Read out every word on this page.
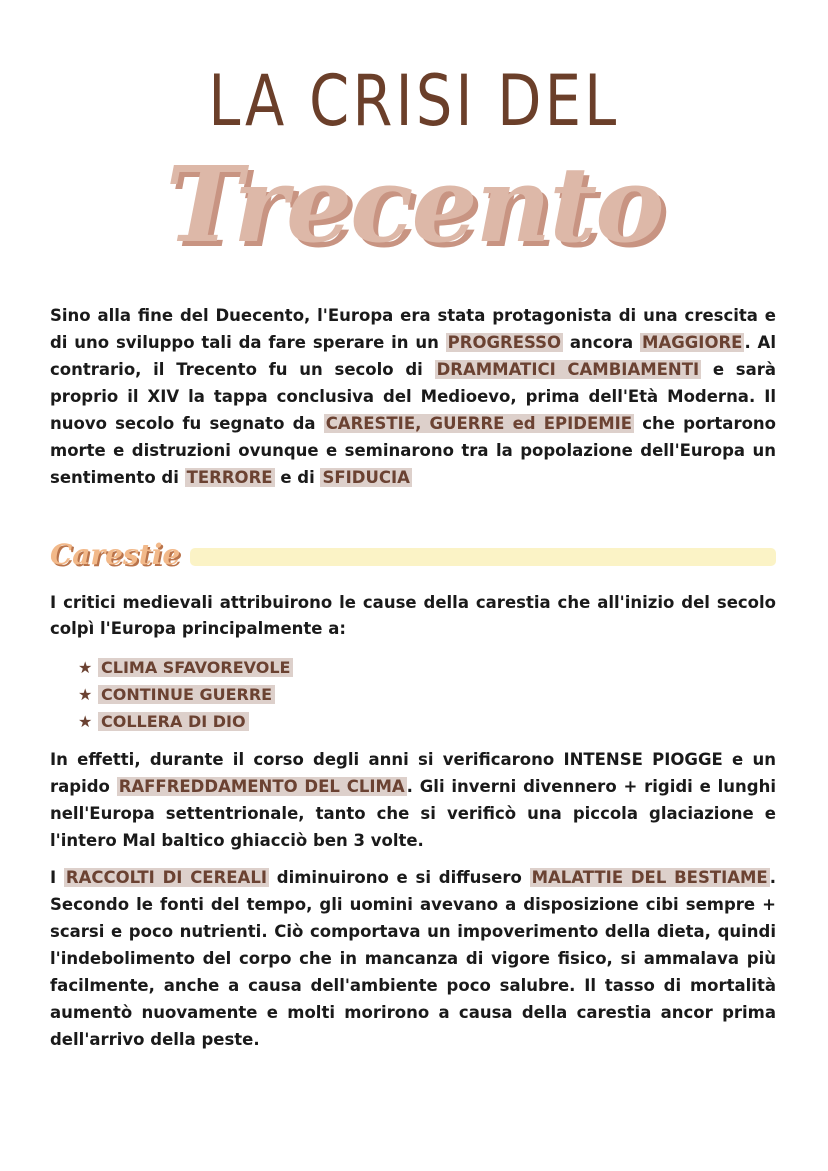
LA CRISI DEL
Trecento

Sino alla fine del Duecento, l'Europa era stata protagonista di una crescita e di uno sviluppo tali da fare sperare in un PROGRESSO ancora MAGGIORE . Al contrario, il Trecento fu un secolo di DRAMMATICI CAMBIAMENTI e sarà proprio il XIV la tappa conclusiva del Medioevo, prima dell'Età Moderna. Il nuovo secolo fu segnato da CARESTIE, GUERRE ed EPIDEMIE che portarono morte e distruzioni ovunque e seminarono tra la popolazione dell'Europa un sentimento di TERRORE e di SFIDUCIA

Carestie

I critici medievali attribuirono le cause della carestia che all'inizio del secolo colpì l'Europa principalmente a:

★ CLIMA SFAVOREVOLE
★ CONTINUE GUERRE
★ COLLERA DI DIO

In effetti, durante il corso degli anni si verificarono INTENSE PIOGGE e un rapido RAFFREDDAMENTO DEL CLIMA . Gli inverni divennero + rigidi e lunghi nell'Europa settentrionale, tanto che si verificò una piccola glaciazione e l'intero Mal baltico ghiacciò ben 3 volte.

I RACCOLTI DI CEREALI diminuirono e si diffusero MALATTIE DEL BESTIAME . Secondo le fonti del tempo, gli uomini avevano a disposizione cibi sempre + scarsi e poco nutrienti. Ciò comportava un impoverimento della dieta, quindi l'indebolimento del corpo che in mancanza di vigore fisico, si ammalava più facilmente, anche a causa dell'ambiente poco salubre. Il tasso di mortalità aumentò nuovamente e molti morirono a causa della carestia ancor prima dell'arrivo della peste.
